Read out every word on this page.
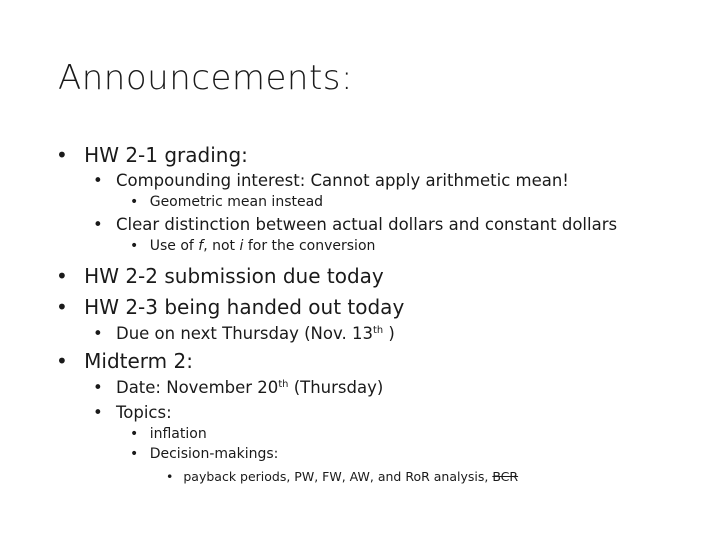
Announcements:
• HW 2-1 grading:
• Compounding interest: Cannot apply arithmetic mean!
• Geometric mean instead
• Clear distinction between actual dollars and constant dollars
• Use of f, not i for the conversion
• HW 2-2 submission due today
• HW 2-3 being handed out today
• Due on next Thursday (Nov. 13th )
• Midterm 2:
• Date: November 20th (Thursday)
• Topics:
• inflation
• Decision-makings:
• payback periods, PW, FW, AW, and RoR analysis, BCR
